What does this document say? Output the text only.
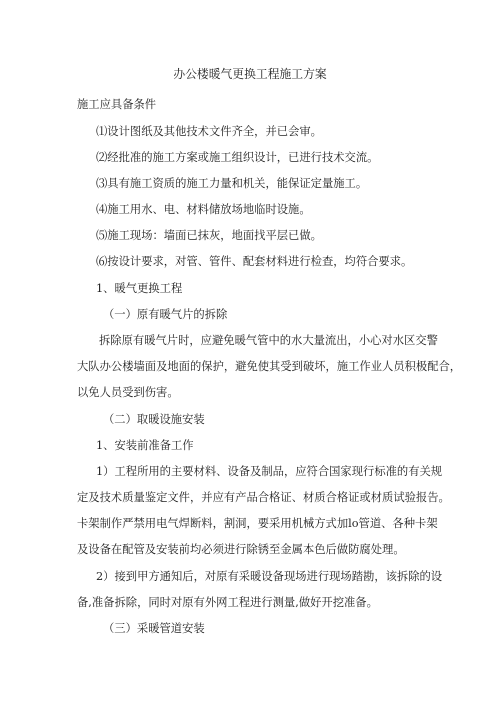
办公楼暖气更换工程施工方案
施工应具备条件
⑴设计图纸及其他技术文件齐全，并已会审。
⑵经批准的施工方案或施工组织设计，已进行技术交流。
⑶具有施工资质的施工力量和机关，能保证定量施工。
⑷施工用水、电、材料储放场地临时设施。
⑸施工现场：墙面已抹灰，地面找平层已做。
⑹按设计要求，对管、管件、配套材料进行检查，均符合要求。
1、暖气更换工程
（一）原有暖气片的拆除
拆除原有暖气片时，应避免暖气管中的水大量流出，小心对水区交警
大队办公楼墙面及地面的保护，避免使其受到破坏，施工作业人员积极配合，
以免人员受到伤害。
（二）取暖设施安装
1、安装前准备工作
1）工程所用的主要材料、设备及制品，应符合国家现行标准的有关规
定及技术质量鉴定文件，并应有产品合格证、材质合格证或材质试验报告。
卡架制作严禁用电气焊断料，割洞，要采用机械方式加lo管道、各种卡架
及设备在配管及安装前均必须进行除锈至金属本色后做防腐处理。
2）接到甲方通知后，对原有采暖设备现场进行现场踏勘，该拆除的设
备,准备拆除，同时对原有外网工程进行测量,做好开挖准备。
（三）采暖管道安装
